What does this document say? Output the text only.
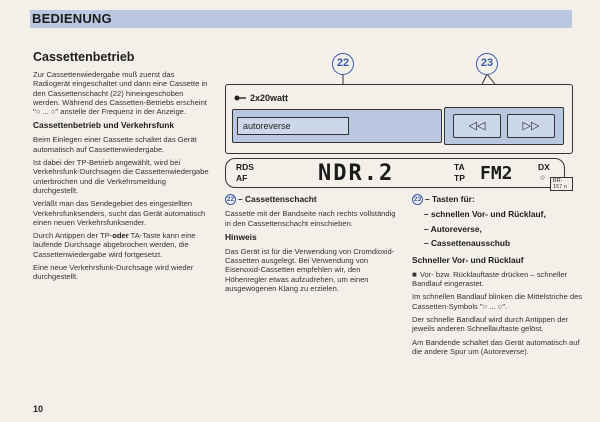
BEDIENUNG
Cassettenbetrieb

Zur Cassettenwiedergabe muß zuerst das Radiogerät eingeschaltet und dann eine Cassette in den Cassettenschacht (22) hineingeschoben werden. Während des Cassetten-Betriebs erscheint "○ ... ○" anstelle der Frequenz in der Anzeige.

Cassettenbetrieb und Verkehrsfunk

Beim Einlegen einer Cassette schaltet das Gerät automatisch auf Cassettenwiedergabe.

Ist dabei der TP-Betrieb angewählt, wird bei Verkehrsfunk-Durchsagen die Cassettenwiedergabe unterbrochen und die Verkehrsmeldung durchgestellt.

Verläßt man das Sendegebiet des eingestellten Verkehrsfunksenders, sucht das Gerät automatisch einen neuen Verkehrsfunksender.

Durch Antippen der TP-oder TA-Taste kann eine laufende Durchsage abgebrochen werden, die Cassettenwiedergabe wird fortgesetzt.

Eine neue Verkehrsfunk-Durchsage wird wieder durchgestellt.

22	23
2x20watt
autoreverse	◁◁	▷▷
RDS
AF	NDR.2	TA
TP FM2	DX
○	BR-157 n
22 – Cassettenschacht

Cassette mit der Bandseite nach rechts vollständig in den Cassettenschacht einschieben.

Hinweis

Das Gerät ist für die Verwendung von Cromdioxid-Cassetten ausgelegt. Bei Verwendung von Eisenoxid-Cassetten empfehlen wir, den Höhenregler etwas aufzudrehen, um einen ausgewogenen Klang zu erzielen.

23 – Tasten für:
– schnellen Vor- und Rücklauf,
– Autoreverse,
– Cassettenausschub
Schneller Vor- und Rücklauf

■ Vor- bzw. Rücklauftaste drücken – schneller Bandlauf eingerastet.

Im schnellen Bandlauf blinken die Mittelstriche des Cassetten-Symbols "○ ... ○".

Der schnelle Bandlauf wird durch Antippen der jeweils anderen Schnellauftaste gelöst.

Am Bandende schaltet das Gerät automatisch auf die andere Spur um (Autoreverse).

10
